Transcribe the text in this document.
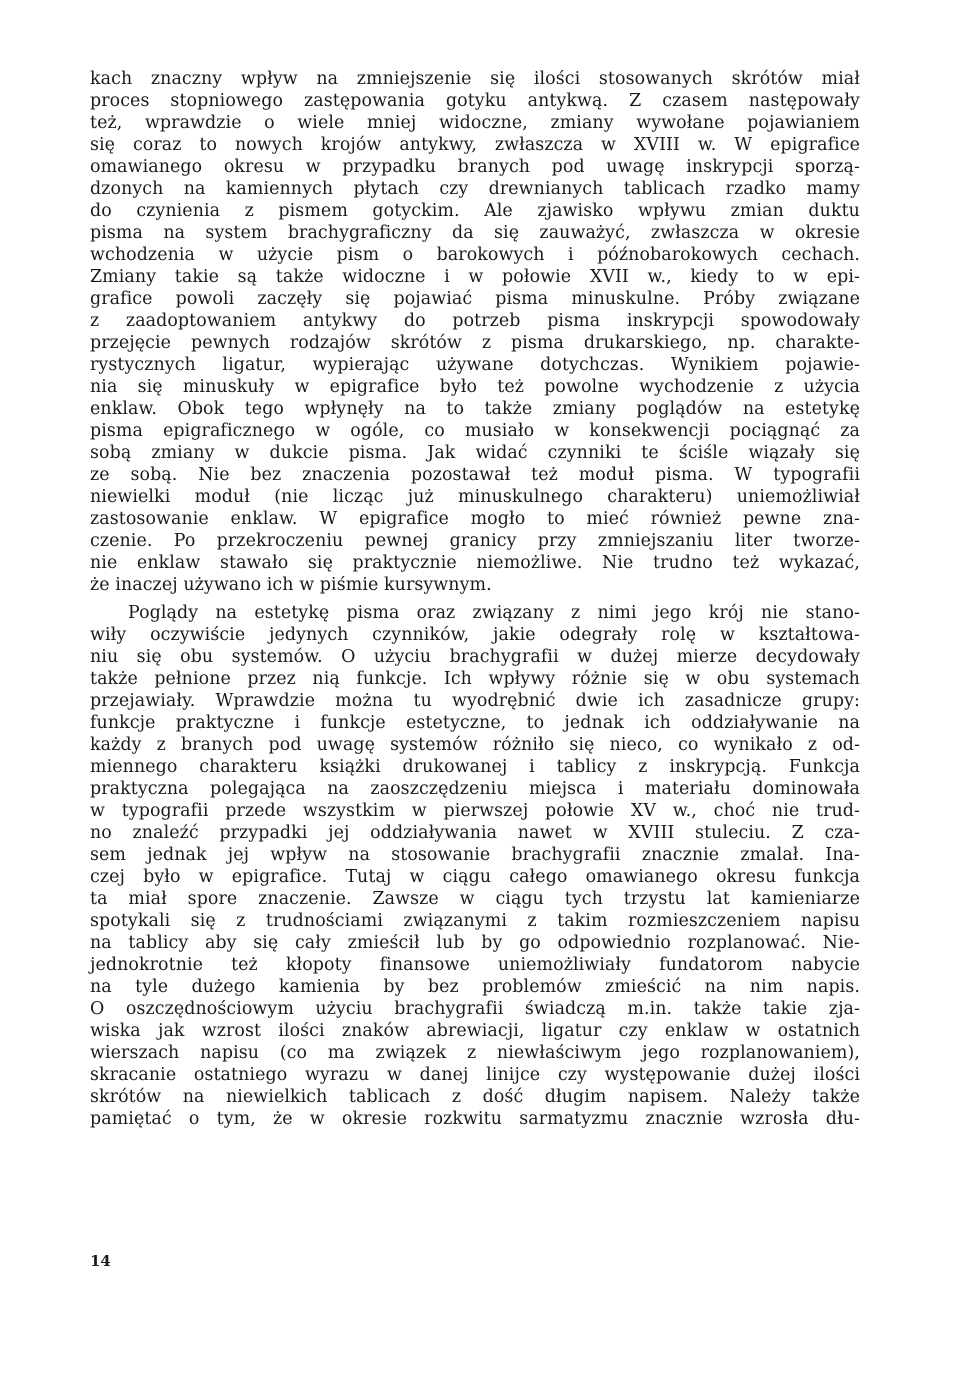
kach znaczny wpływ na zmniejszenie się ilości stosowanych skrótów miał
proces stopniowego zastępowania gotyku antykwą. Z czasem następowały
też, wprawdzie o wiele mniej widoczne, zmiany wywołane pojawianiem
się coraz to nowych krojów antykwy, zwłaszcza w XVIII w. W epigrafice
omawianego okresu w przypadku branych pod uwagę inskrypcji sporzą-
dzonych na kamiennych płytach czy drewnianych tablicach rzadko mamy
do czynienia z pismem gotyckim. Ale zjawisko wpływu zmian duktu
pisma na system brachygraficzny da się zauważyć, zwłaszcza w okresie
wchodzenia w użycie pism o barokowych i późnobarokowych cechach.
Zmiany takie są także widoczne i w połowie XVII w., kiedy to w epi-
grafice powoli zaczęły się pojawiać pisma minuskulne. Próby związane
z zaadoptowaniem antykwy do potrzeb pisma inskrypcji spowodowały
przejęcie pewnych rodzajów skrótów z pisma drukarskiego, np. charakte-
rystycznych ligatur, wypierając używane dotychczas. Wynikiem pojawie-
nia się minuskuły w epigrafice było też powolne wychodzenie z użycia
enklaw. Obok tego wpłynęły na to także zmiany poglądów na estetykę
pisma epigraficznego w ogóle, co musiało w konsekwencji pociągnąć za
sobą zmiany w dukcie pisma. Jak widać czynniki te ściśle wiązały się
ze sobą. Nie bez znaczenia pozostawał też moduł pisma. W typografii
niewielki moduł (nie licząc już minuskulnego charakteru) uniemożliwiał
zastosowanie enklaw. W epigrafice mogło to mieć również pewne zna-
czenie. Po przekroczeniu pewnej granicy przy zmniejszaniu liter tworze-
nie enklaw stawało się praktycznie niemożliwe. Nie trudno też wykazać,
że inaczej używano ich w piśmie kursywnym.
Poglądy na estetykę pisma oraz związany z nimi jego krój nie stano-
wiły oczywiście jedynych czynników, jakie odegrały rolę w kształtowa-
niu się obu systemów. O użyciu brachygrafii w dużej mierze decydowały
także pełnione przez nią funkcje. Ich wpływy różnie się w obu systemach
przejawiały. Wprawdzie można tu wyodrębnić dwie ich zasadnicze grupy:
funkcje praktyczne i funkcje estetyczne, to jednak ich oddziaływanie na
każdy z branych pod uwagę systemów różniło się nieco, co wynikało z od-
miennego charakteru książki drukowanej i tablicy z inskrypcją. Funkcja
praktyczna polegająca na zaoszczędzeniu miejsca i materiału dominowała
w typografii przede wszystkim w pierwszej połowie XV w., choć nie trud-
no znaleźć przypadki jej oddziaływania nawet w XVIII stuleciu. Z cza-
sem jednak jej wpływ na stosowanie brachygrafii znacznie zmalał. Ina-
czej było w epigrafice. Tutaj w ciągu całego omawianego okresu funkcja
ta miał spore znaczenie. Zawsze w ciągu tych trzystu lat kamieniarze
spotykali się z trudnościami związanymi z takim rozmieszczeniem napisu
na tablicy aby się cały zmieścił lub by go odpowiednio rozplanować. Nie-
jednokrotnie też kłopoty finansowe uniemożliwiały fundatorom nabycie
na tyle dużego kamienia by bez problemów zmieścić na nim napis.
O oszczędnościowym użyciu brachygrafii świadczą m.in. także takie zja-
wiska jak wzrost ilości znaków abrewiacji, ligatur czy enklaw w ostatnich
wierszach napisu (co ma związek z niewłaściwym jego rozplanowaniem),
skracanie ostatniego wyrazu w danej linijce czy występowanie dużej ilości
skrótów na niewielkich tablicach z dość długim napisem. Należy także
pamiętać o tym, że w okresie rozkwitu sarmatyzmu znacznie wzrosła dłu-
14
